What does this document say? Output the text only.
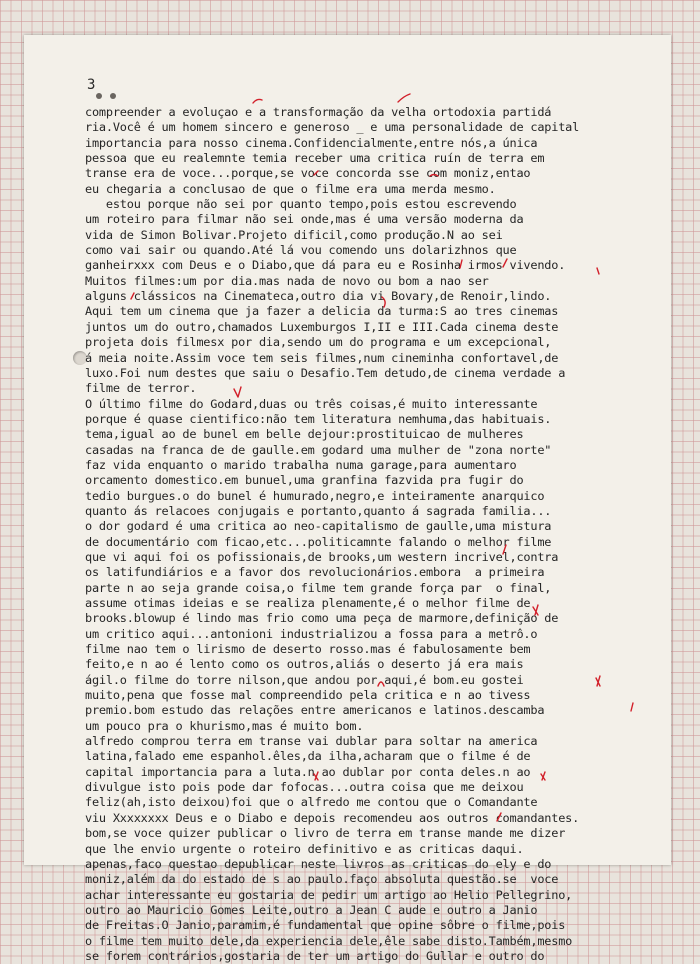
3
compreender a evoluçao e a transformação da velha ortodoxia partidá
ria.Você é um homem sincero e generoso _ e uma personalidade de capital
importancia para nosso cinema.Confidencialmente,entre nós,a única
pessoa que eu realemnte temia receber uma critica ruín de terra em
transe era de voce...porque,se voce concorda sse com moniz,entao
eu chegaria a conclusao de que o filme era uma merda mesmo.
estou porque não sei por quanto tempo,pois estou escrevendo
um roteiro para filmar não sei onde,mas é uma versão moderna da
vida de Simon Bolivar.Projeto dificil,como produção.N ao sei
como vai sair ou quando.Até lá vou comendo uns dolarizhnos que
ganheirxxx com Deus e o Diabo,que dá para eu e Rosinha irmos vivendo.
Muitos filmes:um por dia.mas nada de novo ou bom a nao ser
alguns clássicos na Cinemateca,outro dia vi Bovary,de Renoir,lindo.
Aqui tem um cinema que ja fazer a delicia da turma:S ao tres cinemas
juntos um do outro,chamados Luxemburgos I,II e III.Cada cinema deste
projeta dois filmesx por dia,sendo um do programa e um excepcional,
á meia noite.Assim voce tem seis filmes,num cineminha confortavel,de
luxo.Foi num destes que saiu o Desafio.Tem detudo,de cinema verdade a
filme de terror.
O último filme do Godard,duas ou três coisas,é muito interessante
porque é quase cientifico:não tem literatura nemhuma,das habituais.
tema,igual ao de bunel em belle dejour:prostituicao de mulheres
casadas na franca de de gaulle.em godard uma mulher de "zona norte"
faz vida enquanto o marido trabalha numa garage,para aumentaro
orcamento domestico.em bunuel,uma granfina fazvida pra fugir do
tedio burgues.o do bunel é humurado,negro,e inteiramente anarquico
quanto ás relacoes conjugais e portanto,quanto á sagrada familia...
o dor godard é uma critica ao neo-capitalismo de gaulle,uma mistura
de documentário com ficao,etc...politicamnte falando o melhor filme
que vi aqui foi os pofissionais,de brooks,um western incrivel,contra
os latifundiários e a favor dos revolucionários.embora  a primeira
parte n ao seja grande coisa,o filme tem grande força par  o final,
assume otimas ideias e se realiza plenamente,é o melhor filme de
brooks.blowup é lindo mas frio como uma peça de marmore,definição de
um critico aqui...antonioni industrializou a fossa para a metrô.o
filme nao tem o lirismo de deserto rosso.mas é fabulosamente bem
feito,e n ao é lento como os outros,aliás o deserto já era mais
ágil.o filme do torre nilson,que andou por aqui,é bom.eu gostei
muito,pena que fosse mal compreendido pela critica e n ao tivess
premio.bom estudo das relações entre americanos e latinos.descamba
um pouco pra o khurismo,mas é muito bom.
alfredo comprou terra em transe vai dublar para soltar na america
latina,falado eme espanhol.êles,da ilha,acharam que o filme é de
capital importancia para a luta.n ao dublar por conta deles.n ao
divulgue isto pois pode dar fofocas...outra coisa que me deixou
feliz(ah,isto deixou)foi que o alfredo me contou que o Comandante
viu Xxxxxxxx Deus e o Diabo e depois recomendeu aos outros comandantes.
bom,se voce quizer publicar o livro de terra em transe mande me dizer
que lhe envio urgente o roteiro definitivo e as criticas daqui.
apenas,faco questao depublicar neste livros as criticas do ely e do
moniz,além da do estado de s ao paulo.faço absoluta questão.se  voce
achar interessante eu gostaria de pedir um artigo ao Helio Pellegrino,
outro ao Mauricio Gomes Leite,outro a Jean C aude e outro a Janio
de Freitas.O Janio,paramim,é fundamental que opine sôbre o filme,pois
o filme tem muito dele,da experiencia dele,êle sabe disto.Também,mesmo
se forem contrários,gostaria de ter um artigo do Gullar e outro do
